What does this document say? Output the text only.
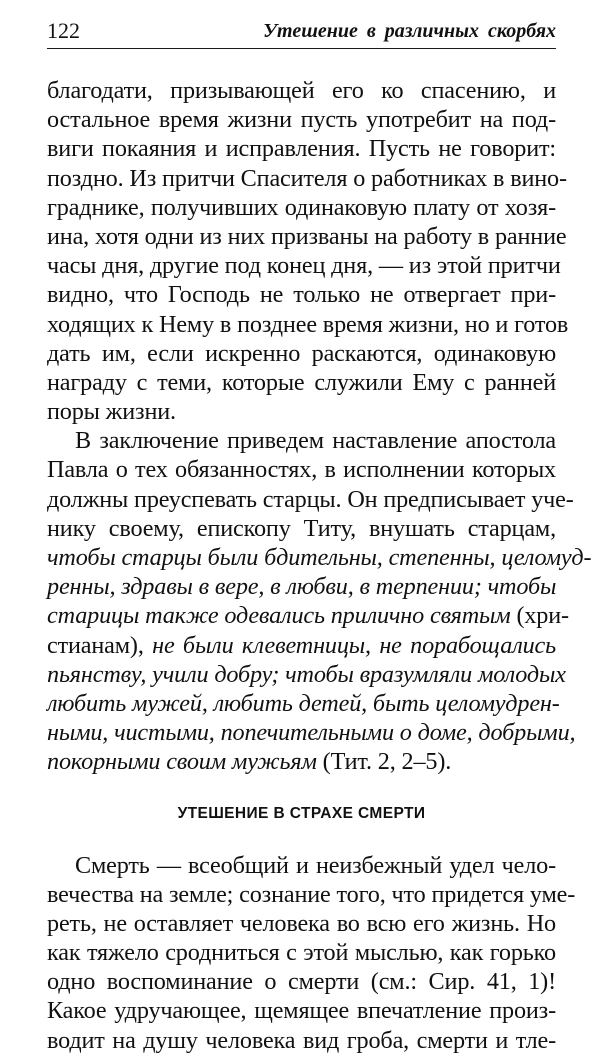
122	Утешение в различных скорбях
благодати, призывающей его ко спасению, и
остальное время жизни пусть употребит на под-
виги покаяния и исправления. Пусть не говорит:
поздно. Из притчи Спасителя о работниках в вино-
граднике, получивших одинаковую плату от хозя-
ина, хотя одни из них призваны на работу в ранние
часы дня, другие под конец дня, — из этой притчи
видно, что Господь не только не отвергает при-
ходящих к Нему в позднее время жизни, но и готов
дать им, если искренно раскаются, одинаковую
награду с теми, которые служили Ему с ранней
поры жизни.
В заключение приведем наставление апостола
Павла о тех обязанностях, в исполнении которых
должны преуспевать старцы. Он предписывает уче-
нику своему, епископу Титу, внушать старцам,
чтобы старцы были бдительны, степенны, целомуд-
ренны, здравы в вере, в любви, в терпении; чтобы
старицы также одевались прилично святым (хри-
стианам), не были клеветницы, не порабощались
пьянству, учили добру; чтобы вразумляли молодых
любить мужей, любить детей, быть целомудрен-
ными, чистыми, попечительными о доме, добрыми,
покорными своим мужьям (Тит. 2, 2–5).
УТЕШЕНИЕ В СТРАХЕ СМЕРТИ
Смерть — всеобщий и неизбежный удел чело-
вечества на земле; сознание того, что придется уме-
реть, не оставляет человека во всю его жизнь. Но
как тяжело сродниться с этой мыслью, как горько
одно воспоминание о смерти (см.: Сир. 41, 1)!
Какое удручающее, щемящее впечатление произ-
водит на душу человека вид гроба, смерти и тле-
